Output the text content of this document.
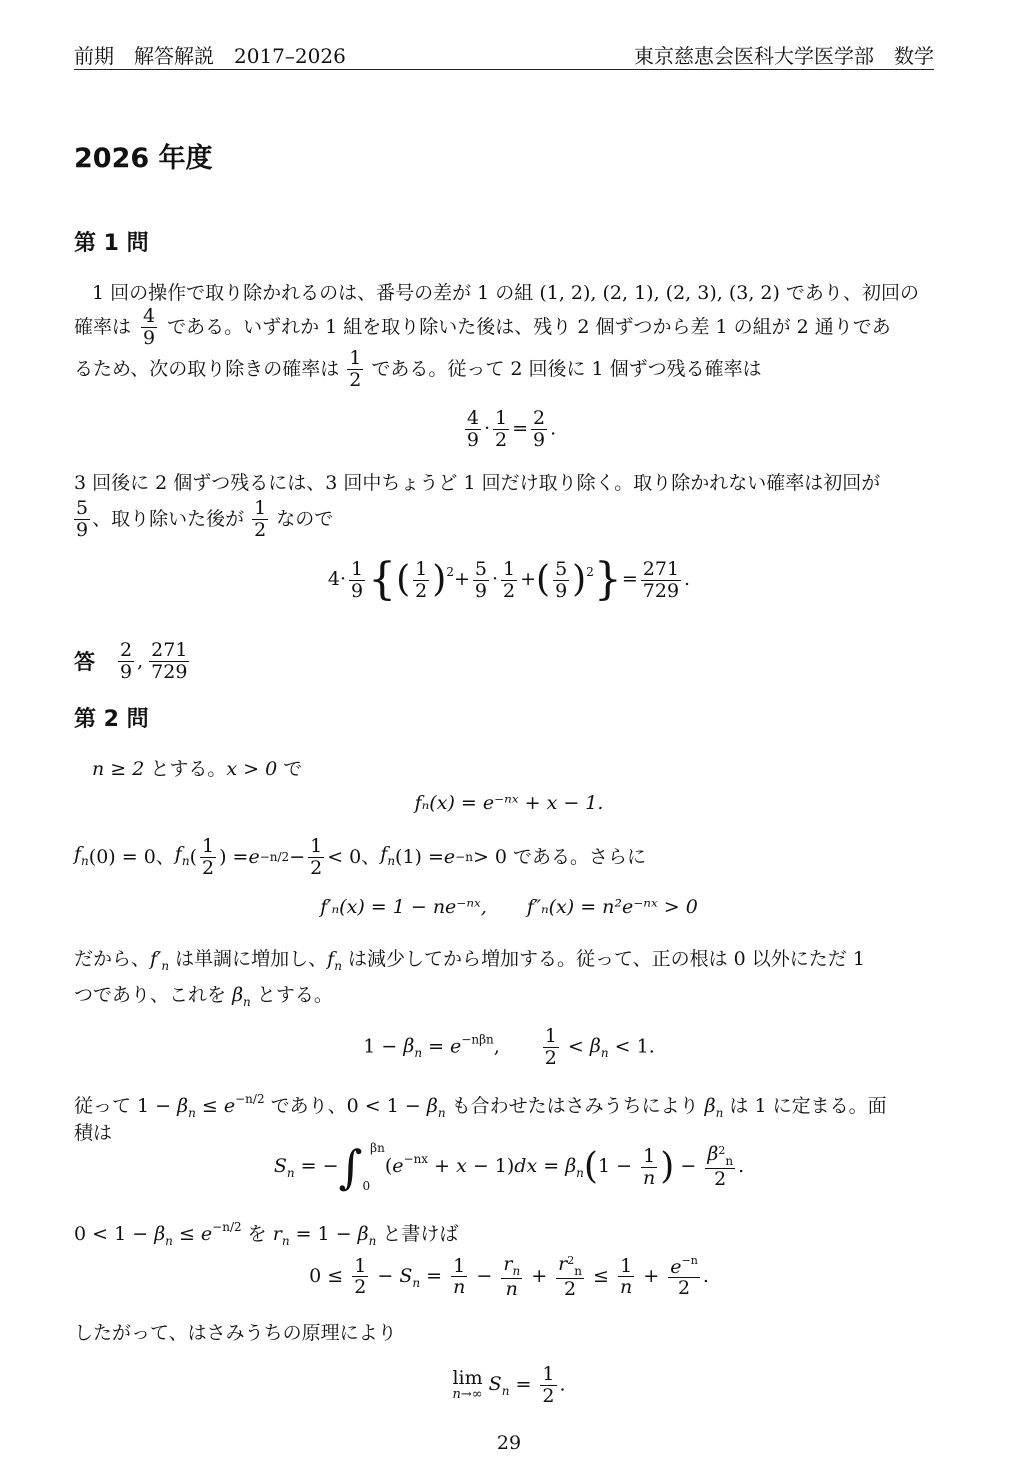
前期　解答解説　2017–2026	東京慈恵会医科大学医学部　数学
2026 年度
第 1 問
1 回の操作で取り除かれるのは、番号の差が 1 の組 (1, 2), (2, 1), (2, 3), (3, 2) であり、初回の
確率は $\frac{4}{9}$ である。いずれか 1 組を取り除いた後は、残り 2 個ずつから差 1 の組が 2 通りであ
るため、次の取り除きの確率は $\frac{1}{2}$ である。従って 2 回後に 1 個ずつ残る確率は
$\frac{4}{9} \cdot \frac{1}{2} = \frac{2}{9}$ .
3 回後に 2 個ずつ残るには、3 回中ちょうど 1 回だけ取り除く。取り除かれない確率は初回が
$\frac{5}{9}$ 、取り除いた後が $\frac{1}{2}$ なので
$4\cdot \frac{1}{9}$ {( $\frac{1}{2} )^2+ \frac{5}{9} \cdot \frac{1}{2}$ +( $\frac{5}{9} )^2\}= \frac{271}{729}$ .
答 $\frac{2}{9}$ , $\frac{271}{729}$
第 2 問
n ≥ 2 とする。x > 0 で
fₙ(x) = e⁻ⁿˣ + x − 1.
$f_n$ (0) = 0、 $f_n$ ( $\frac{1}{2}$ ) = $e -n/2 - \frac{1}{2} < 0$、 $f_n$ (1) = e −n > 0 である。さらに
f′ₙ(x) = 1 − ne⁻ⁿˣ, f″ₙ(x) = n²e⁻ⁿˣ > 0
だから、$f'_n$ は単調に増加し、$f_n$ は減少してから増加する。従って、正の根は 0 以外にただ 1
つであり、これを $\beta_n$ とする。
$1 - \beta_n = e^{-n\beta n}$, $\frac{1}{2} < \beta_n < 1$.
従って $1 - \beta_n \le e^{-n/2}$ であり、$0 < 1 - \beta_n$ も合わせたはさみうちにより $\beta_n$ は 1 に定まる。面
積は
$S_n = -\int_0^{\beta n}(e^{-nx} + x - 1)dx = \beta_n(1 - \frac{1}{n}$ ) − $\frac{\beta^2_n}{2}$ .
$0 < 1 - \beta_n \le e^{-n/2}$ を $r_n = 1 - \beta_n$ と書けば
$0 \le \frac{1}{2} - S_n = \frac{1}{n} - \frac{r_n}{n} + \frac{r^2_n}{2} \le \frac{1}{n} + \frac{e^{-n}}{2}$ .
したがって、はさみうちの原理により
lim
n→∞ $S_n = \frac{1}{2}$ .
29
